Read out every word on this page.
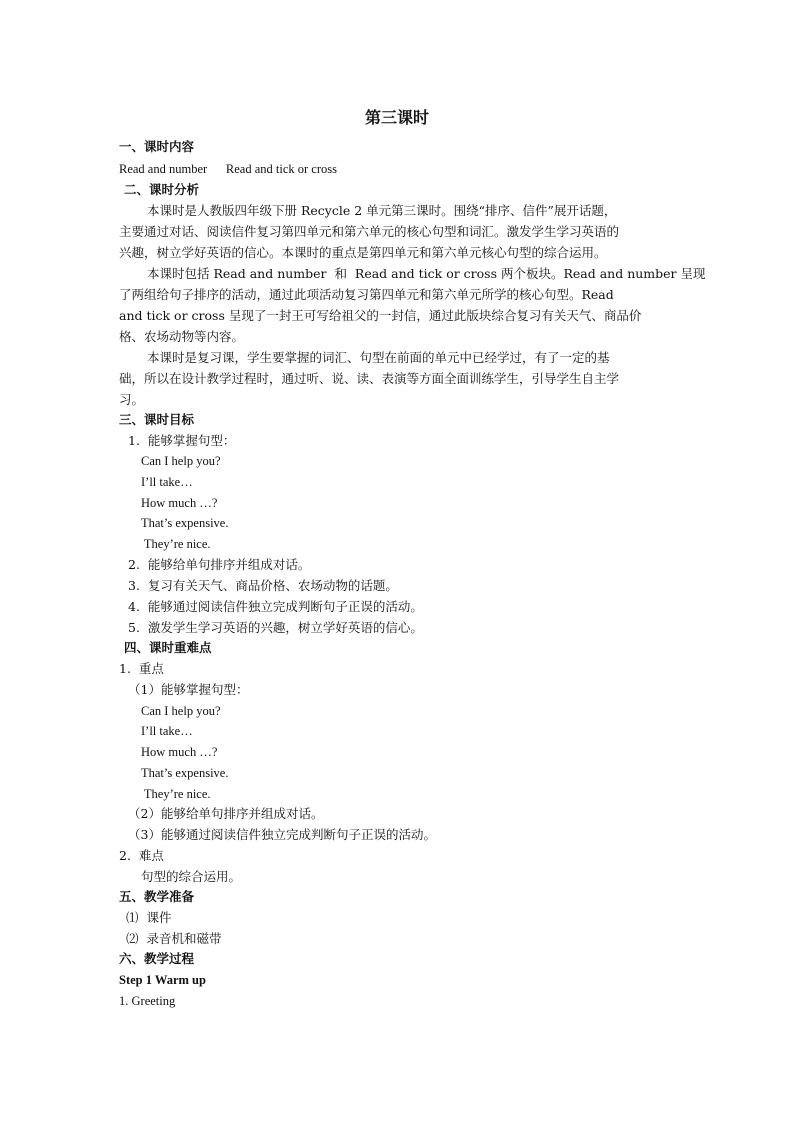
第三课时
一、课时内容
Read and number      Read and tick or cross
二、课时分析
本课时是人教版四年级下册 Recycle 2 单元第三课时。围绕“排序、信件”展开话题，
主要通过对话、阅读信件复习第四单元和第六单元的核心句型和词汇。激发学生学习英语的
兴趣，树立学好英语的信心。本课时的重点是第四单元和第六单元核心句型的综合运用。
本课时包括 Read and number  和  Read and tick or cross 两个板块。Read and number 呈现
了两组给句子排序的活动，通过此项活动复习第四单元和第六单元所学的核心句型。Read
and tick or cross 呈现了一封王可写给祖父的一封信，通过此版块综合复习有关天气、商品价
格、农场动物等内容。
本课时是复习课，学生要掌握的词汇、句型在前面的单元中已经学过，有了一定的基
础，所以在设计教学过程时，通过听、说、读、表演等方面全面训练学生，引导学生自主学
习。
三、课时目标
1.  能够掌握句型：
Can I help you?
I’ll take…
How much …?
That’s expensive.
They’re nice.
2.  能够给单句排序并组成对话。
3.  复习有关天气、商品价格、农场动物的话题。
4.  能够通过阅读信件独立完成判断句子正误的活动。
5.  激发学生学习英语的兴趣，树立学好英语的信心。
四、课时重难点
1.  重点
（1）能够掌握句型：
Can I help you?
I’ll take…
How much …?
That’s expensive.
They’re nice.
（2）能够给单句排序并组成对话。
（3）能够通过阅读信件独立完成判断句子正误的活动。
2.  难点
句型的综合运用。
五、教学准备
⑴  课件
⑵  录音机和磁带
六、教学过程
Step 1 Warm up
1. Greeting
